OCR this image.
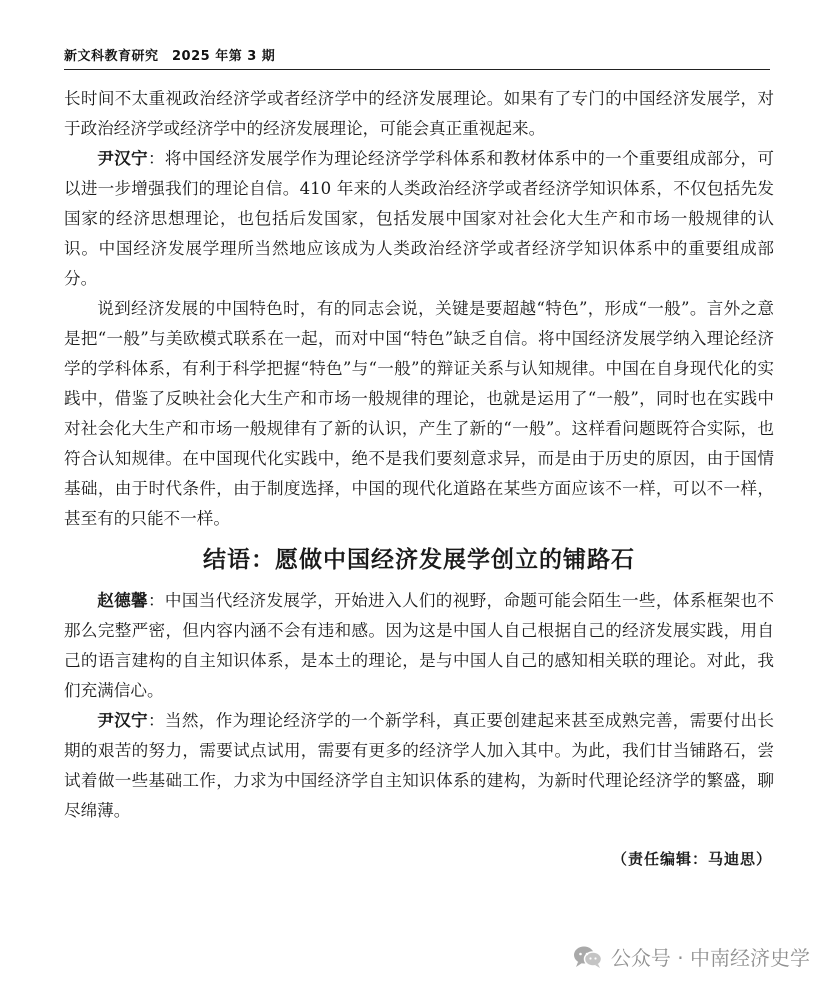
新文科教育研究　2025 年第 3 期

长时间不太重视政治经济学或者经济学中的经济发展理论。如果有了专门的中国经济发展学，对于政治经济学或经济学中的经济发展理论，可能会真正重视起来。

尹汉宁：将中国经济发展学作为理论经济学学科体系和教材体系中的一个重要组成部分，可以进一步增强我们的理论自信。410 年来的人类政治经济学或者经济学知识体系，不仅包括先发国家的经济思想理论，也包括后发国家，包括发展中国家对社会化大生产和市场一般规律的认识。中国经济发展学理所当然地应该成为人类政治经济学或者经济学知识体系中的重要组成部分。

说到经济发展的中国特色时，有的同志会说，关键是要超越“特色”，形成“一般”。言外之意是把“一般”与美欧模式联系在一起，而对中国“特色”缺乏自信。将中国经济发展学纳入理论经济学的学科体系，有利于科学把握“特色”与“一般”的辩证关系与认知规律。中国在自身现代化的实践中，借鉴了反映社会化大生产和市场一般规律的理论，也就是运用了“一般”，同时也在实践中对社会化大生产和市场一般规律有了新的认识，产生了新的“一般”。这样看问题既符合实际，也符合认知规律。在中国现代化实践中，绝不是我们要刻意求异，而是由于历史的原因，由于国情基础，由于时代条件，由于制度选择，中国的现代化道路在某些方面应该不一样，可以不一样，甚至有的只能不一样。

结语：愿做中国经济发展学创立的铺路石

赵德馨：中国当代经济发展学，开始进入人们的视野，命题可能会陌生一些，体系框架也不那么完整严密，但内容内涵不会有违和感。因为这是中国人自己根据自己的经济发展实践，用自己的语言建构的自主知识体系，是本土的理论，是与中国人自己的感知相关联的理论。对此，我们充满信心。

尹汉宁：当然，作为理论经济学的一个新学科，真正要创建起来甚至成熟完善，需要付出长期的艰苦的努力，需要试点试用，需要有更多的经济学人加入其中。为此，我们甘当铺路石，尝试着做一些基础工作，力求为中国经济学自主知识体系的建构，为新时代理论经济学的繁盛，聊尽绵薄。

（责任编辑：马迪思）
公众号 · 中南经济史学
